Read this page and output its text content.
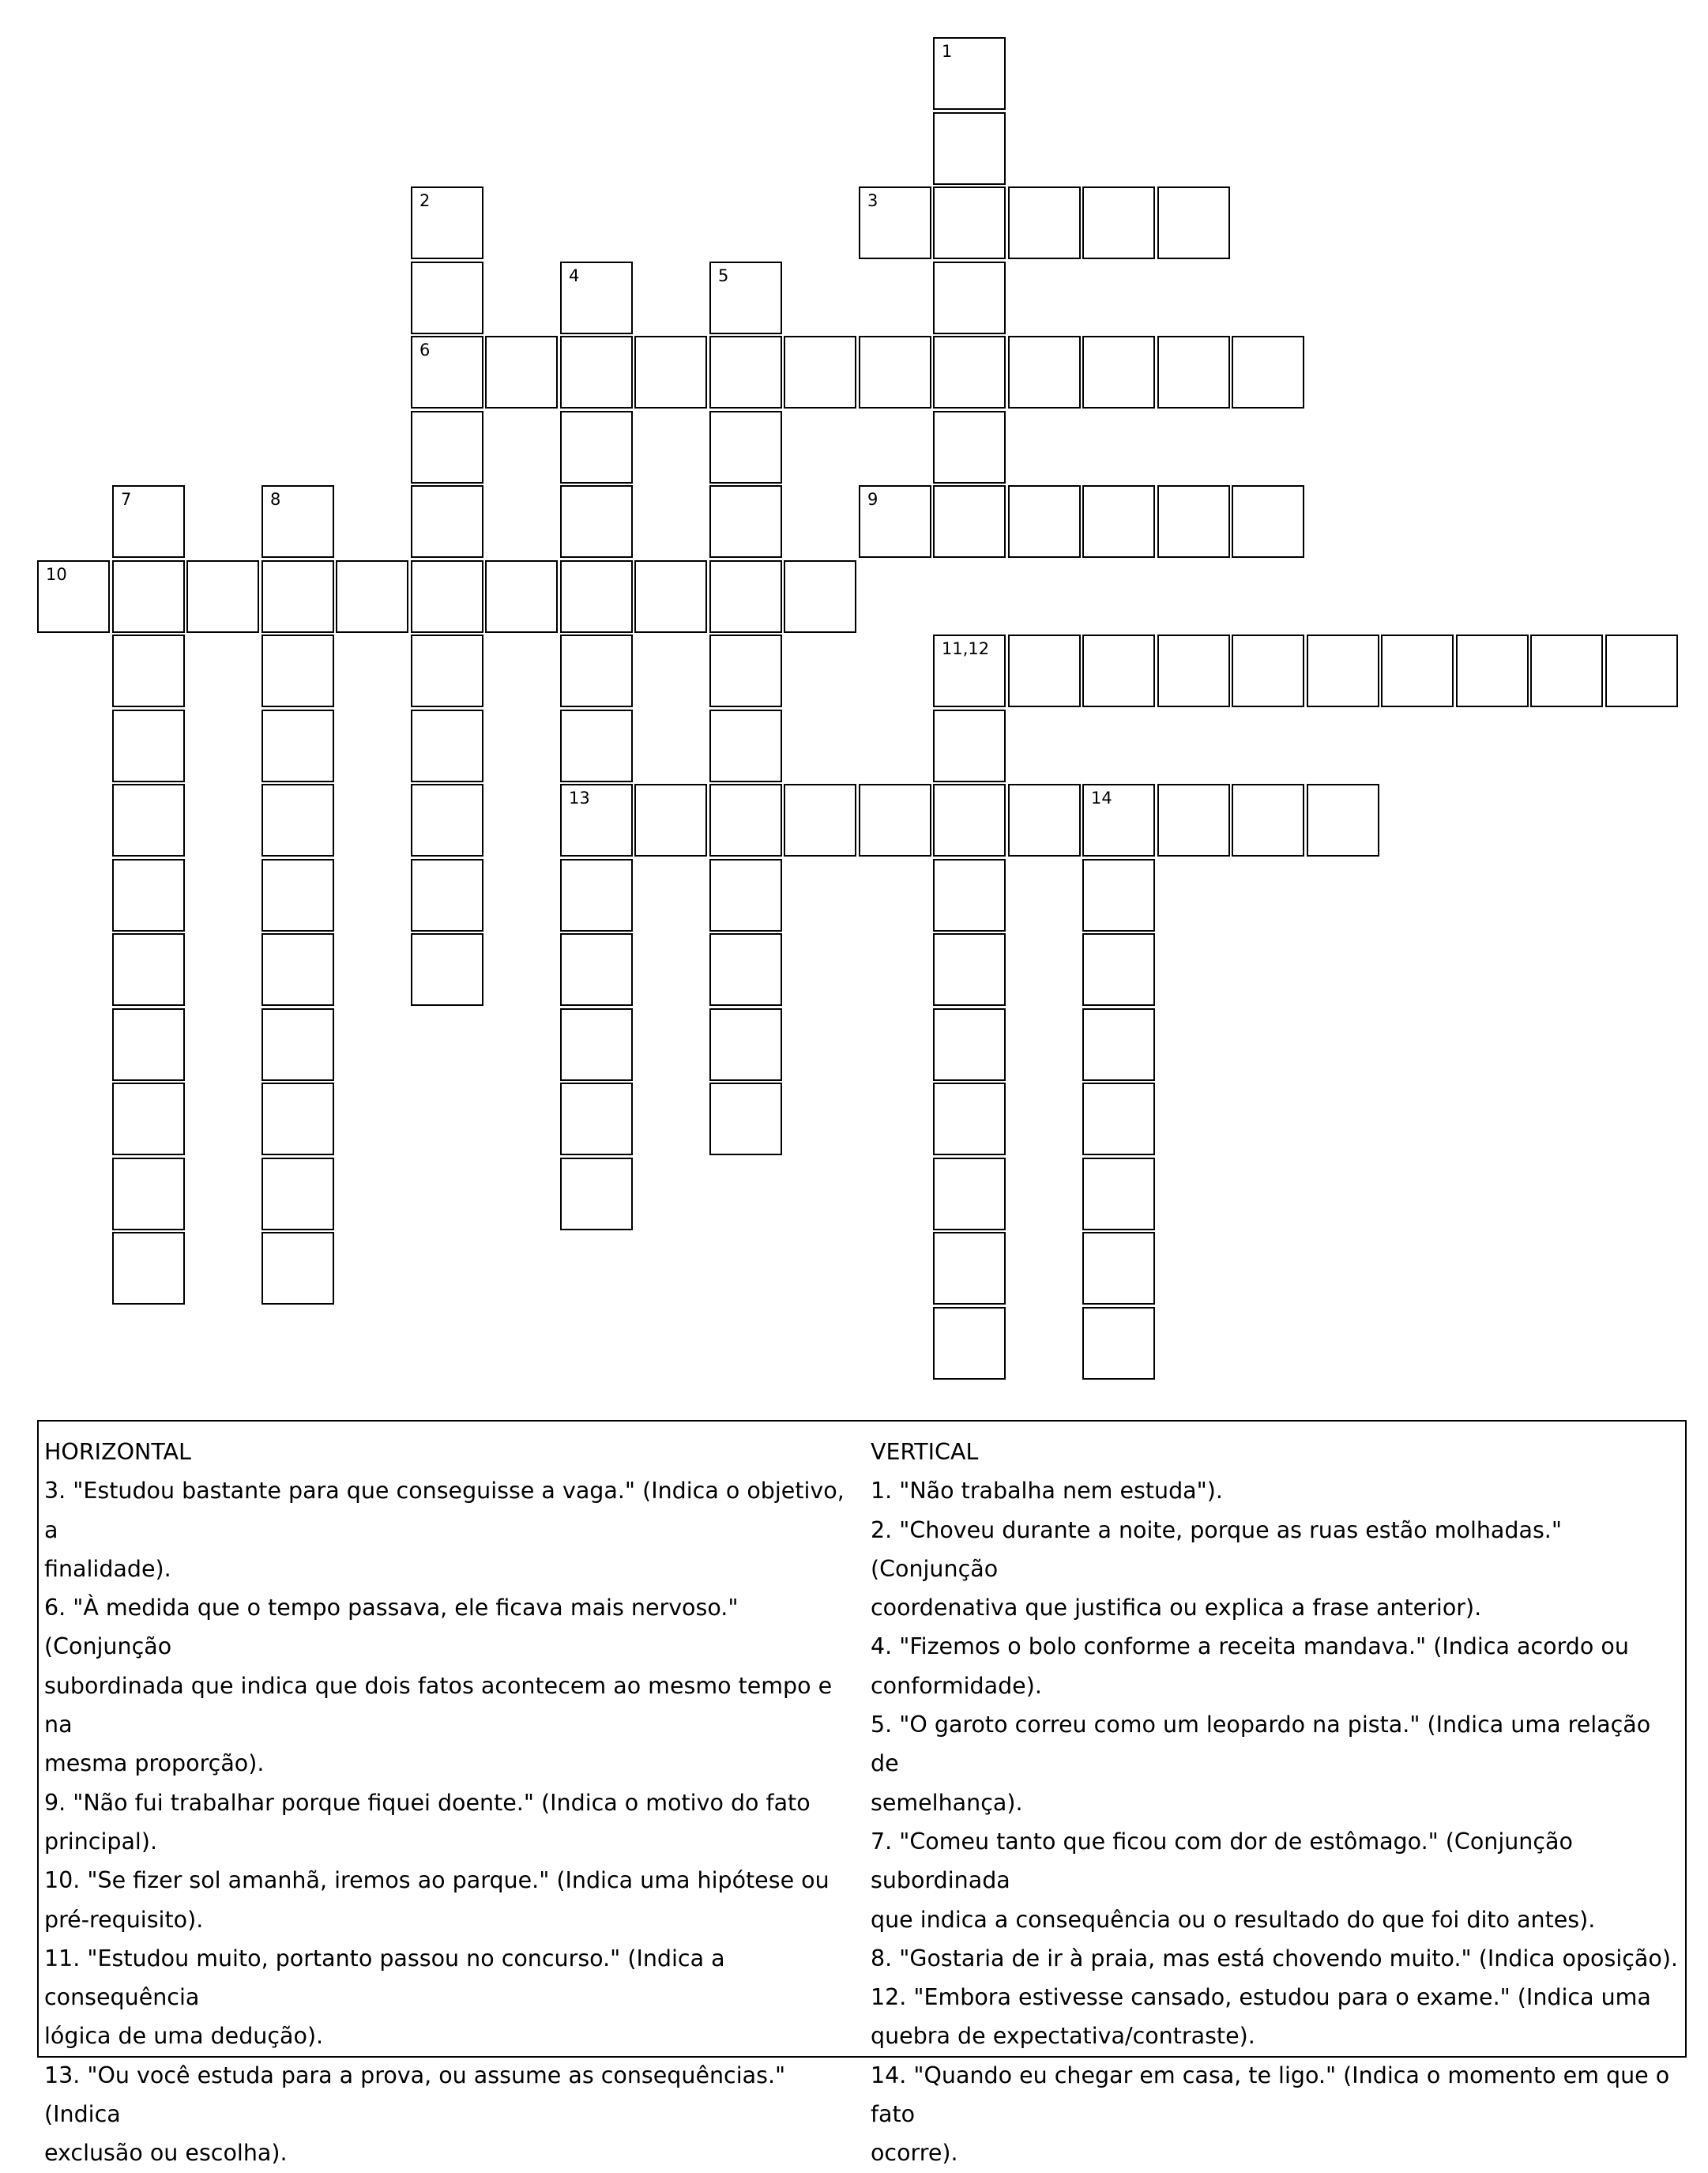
1
2
6
3
4
13
5
7	8	9
10
11,12
14
HORIZONTAL
3. "Estudou bastante para que conseguisse a vaga." (Indica o objetivo, a
finalidade).
6. "À medida que o tempo passava, ele ficava mais nervoso." (Conjunção
subordinada que indica que dois fatos acontecem ao mesmo tempo e na
mesma proporção).
9. "Não fui trabalhar porque fiquei doente." (Indica o motivo do fato
principal).
10. "Se fizer sol amanhã, iremos ao parque." (Indica uma hipótese ou
pré-requisito).
11. "Estudou muito, portanto passou no concurso." (Indica a consequência
lógica de uma dedução).
13. "Ou você estuda para a prova, ou assume as consequências." (Indica
exclusão ou escolha).
VERTICAL
1. "Não trabalha nem estuda").
2. "Choveu durante a noite, porque as ruas estão molhadas." (Conjunção
coordenativa que justifica ou explica a frase anterior).
4. "Fizemos o bolo conforme a receita mandava." (Indica acordo ou
conformidade).
5. "O garoto correu como um leopardo na pista." (Indica uma relação de
semelhança).
7. "Comeu tanto que ficou com dor de estômago." (Conjunção subordinada
que indica a consequência ou o resultado do que foi dito antes).
8. "Gostaria de ir à praia, mas está chovendo muito." (Indica oposição).
12. "Embora estivesse cansado, estudou para o exame." (Indica uma
quebra de expectativa/contraste).
14. "Quando eu chegar em casa, te ligo." (Indica o momento em que o fato
ocorre).
